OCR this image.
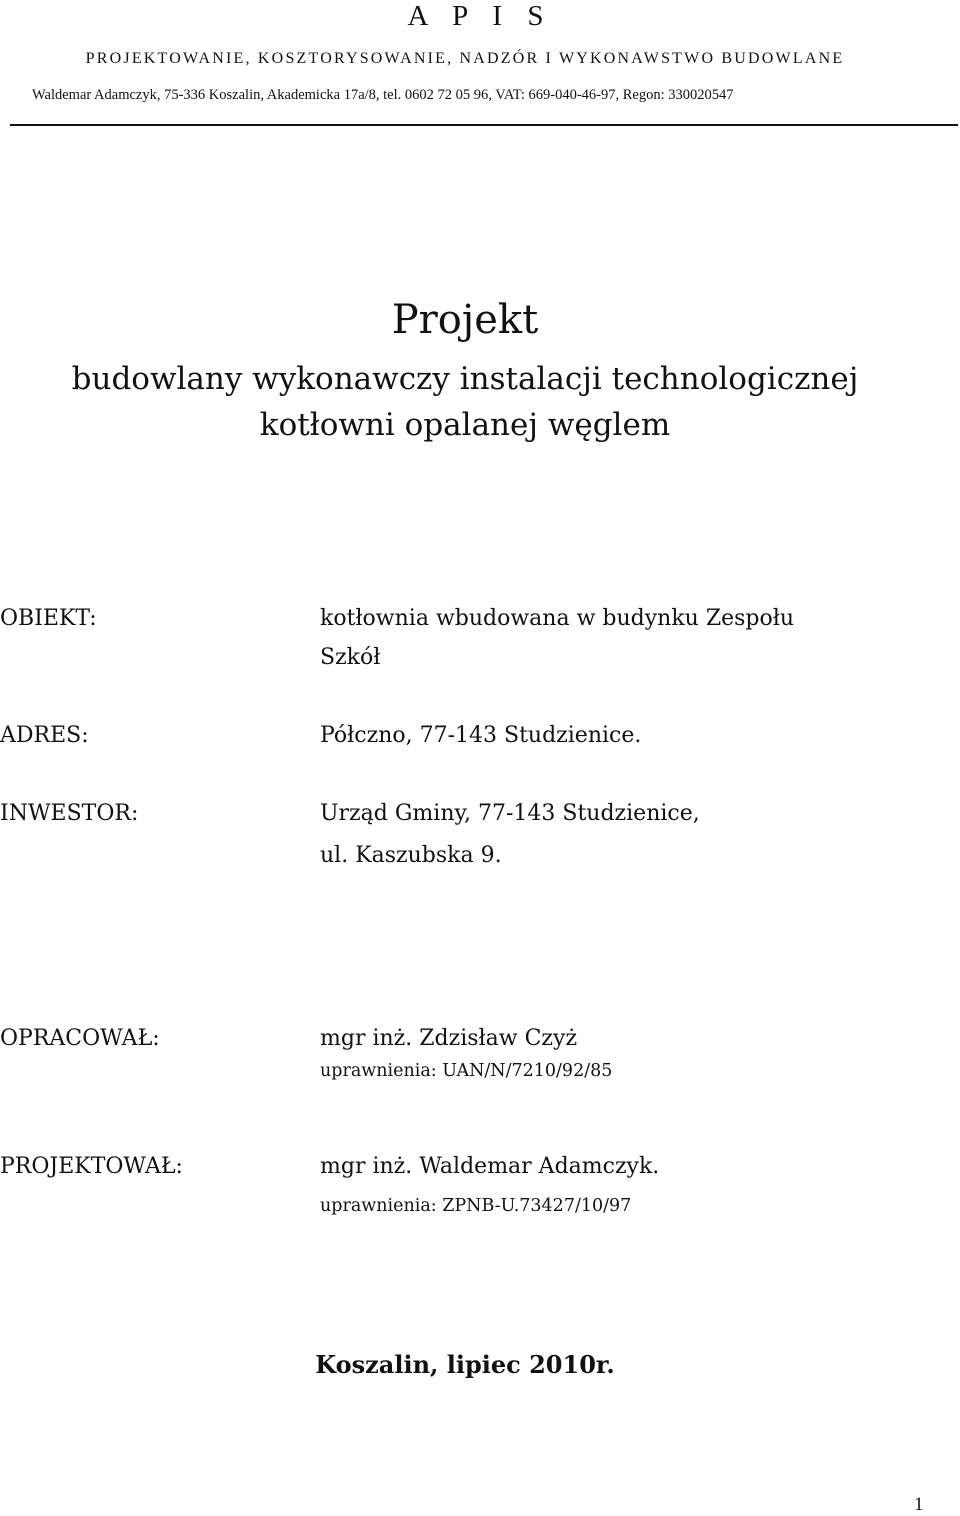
A P I S
PROJEKTOWANIE, KOSZTORYSOWANIE, NADZÓR I WYKONAWSTWO BUDOWLANE
Waldemar Adamczyk, 75-336 Koszalin, Akademicka 17a/8, tel. 0602 72 05 96, VAT: 669-040-46-97, Regon: 330020547
Projekt
budowlany wykonawczy instalacji technologicznej
kotłowni opalanej węglem
OBIEKT:	kotłownia wbudowana w budynku Zespołu
Szkół
ADRES:	Półczno, 77-143 Studzienice.
INWESTOR:	Urząd Gminy, 77-143 Studzienice,
ul. Kaszubska 9.
OPRACOWAŁ:	mgr inż. Zdzisław Czyż
uprawnienia: UAN/N/7210/92/85
PROJEKTOWAŁ:	mgr inż. Waldemar Adamczyk.
uprawnienia: ZPNB-U.73427/10/97
Koszalin, lipiec 2010r.
1
